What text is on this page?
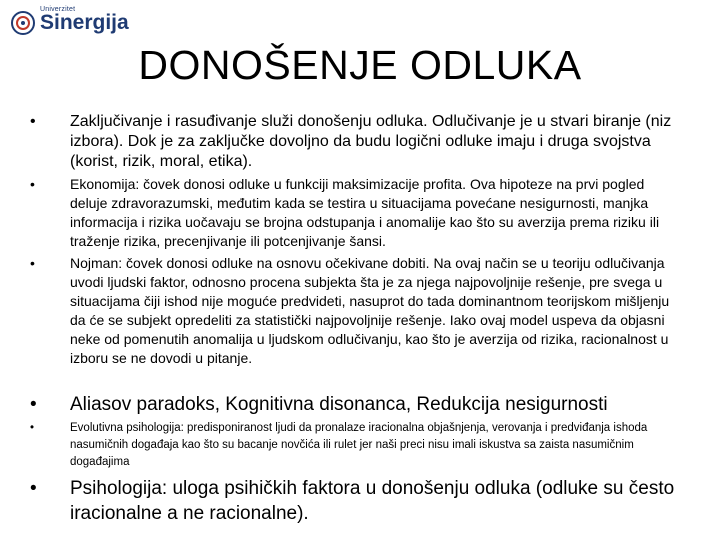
Univerzitet
Sinergija
DONOŠENJE ODLUKA
• Zaključivanje i rasuđivanje služi donošenju odluka. Odlučivanje je u stvari biranje (niz izbora). Dok je za zaključke dovoljno da budu logični odluke imaju i druga svojstva (korist, rizik, moral, etika).
•	Ekonomija: čovek donosi odluke u funkciji maksimizacije profita. Ova hipoteze na prvi pogled deluje zdravorazumski, međutim kada se testira u situacijama povećane nesigurnosti, manjka informacija i rizika uočavaju se brojna odstupanja i anomalije kao što su averzija prema riziku ili traženje rizika, precenjivanje ili potcenjivanje šansi.
•	Nojman: čovek donosi odluke na osnovu očekivane dobiti. Na ovaj način se u teoriju odlučivanja uvodi ljudski faktor, odnosno procena subjekta šta je za njega najpovoljnije rešenje, pre svega u situacijama čiji ishod nije moguće predvideti, nasuprot do tada dominantnom teorijskom mišljenju da će se subjekt opredeliti za statistički najpovoljnije rešenje. Iako ovaj model uspeva da objasni neke od pomenutih anomalija u ljudskom odlučivanju, kao što je averzija od rizika, racionalnost u izboru se ne dovodi u pitanje.
• Aliasov paradoks, Kognitivna disonanca, Redukcija nesigurnosti
•	Evolutivna psihologija: predisponiranost ljudi da pronalaze iracionalna objašnjenja, verovanja i predviđanja ishoda nasumičnih događaja kao što su bacanje novčića ili rulet jer naši preci nisu imali iskustva sa zaista nasumičnim događajima
• Psihologija: uloga psihičkih faktora u donošenju odluka (odluke su često iracionalne a ne racionalne).
